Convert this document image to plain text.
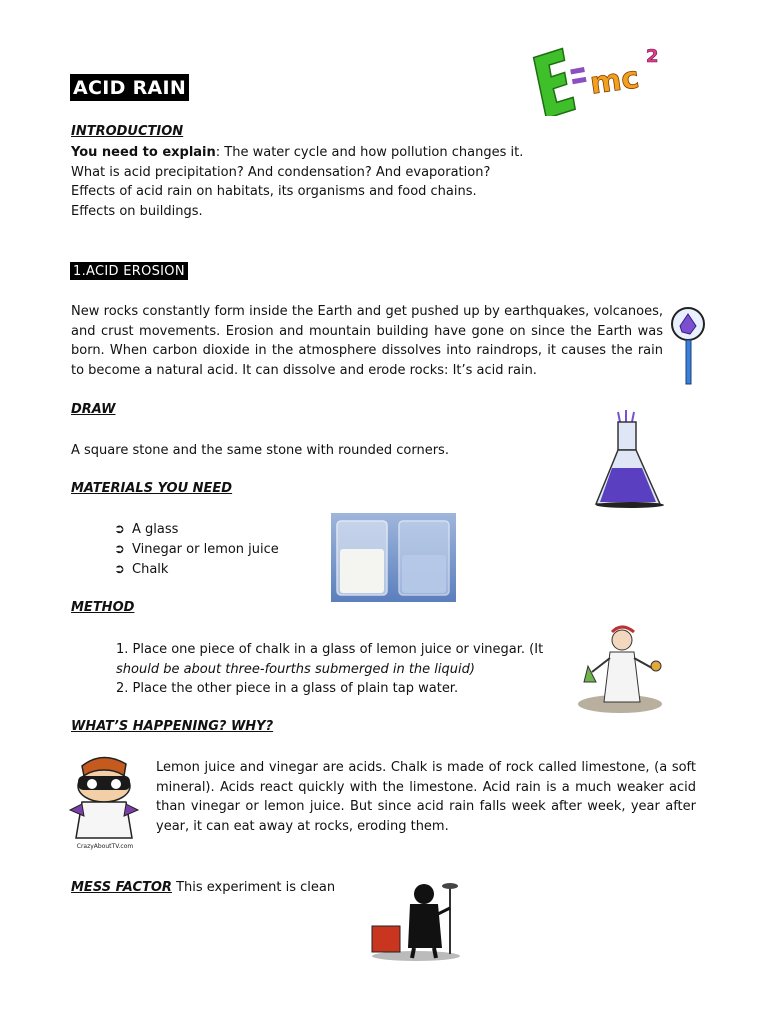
ACID RAIN	mc
2
INTRODUCTION
You need to explain: The water cycle and how pollution changes it.
What is acid precipitation? And condensation? And evaporation?
Effects of acid rain on habitats, its organisms and food chains.
Effects on buildings.
1.ACID EROSION
New rocks constantly form inside the Earth and get pushed up by earthquakes, volcanoes, and crust movements. Erosion and mountain building have gone on since the Earth was born. When carbon dioxide in the atmosphere dissolves into raindrops, it causes the rain to become a natural acid. It can dissolve and erode rocks: It’s acid rain.
DRAW
A square stone and the same stone with rounded corners.
MATERIALS YOU NEED
➲ A glass
➲ Vinegar or lemon juice
➲ Chalk
METHOD
1. Place one piece of chalk in a glass of lemon juice or vinegar. (It
should be about three-fourths submerged in the liquid)
2. Place the other piece in a glass of plain tap water.
WHAT’S HAPPENING? WHY?
CrazyAboutTV.com
Lemon juice and vinegar are acids. Chalk is made of rock called limestone, (a soft mineral). Acids react quickly with the limestone. Acid rain is a much weaker acid than vinegar or lemon juice. But since acid rain falls week after week, year after year, it can eat away at rocks, eroding them.
MESS FACTOR This experiment is clean
